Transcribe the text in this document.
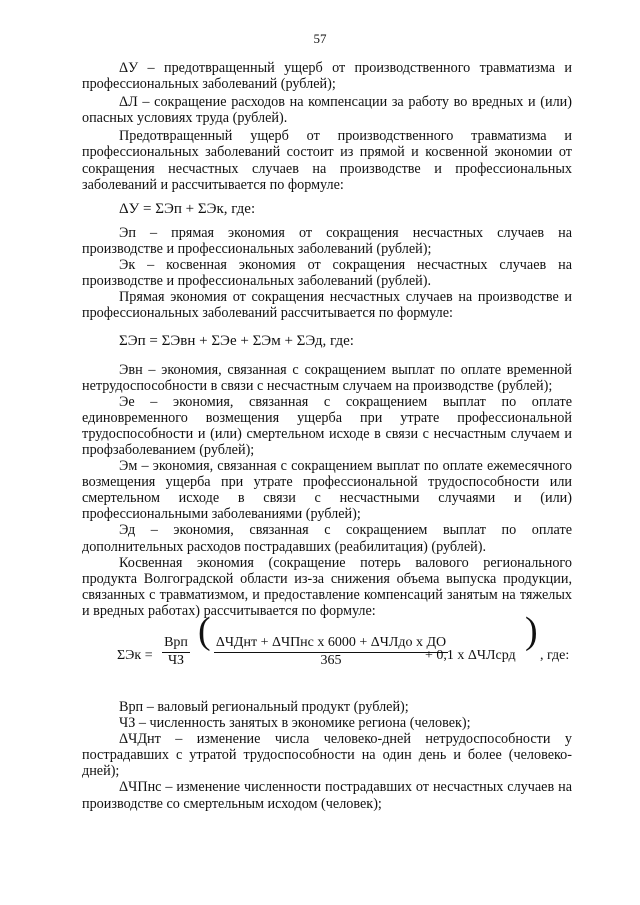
57

ΔУ – предотвращенный ущерб от производственного травматизма и профессиональных заболеваний (рублей);

ΔЛ – сокращение расходов на компенсации за работу во вредных и (или) опасных условиях труда (рублей).

Предотвращенный ущерб от производственного травматизма и профессиональных заболеваний состоит из прямой и косвенной экономии от сокращения несчастных случаев на производстве и профессиональных заболеваний и рассчитывается по формуле:

ΔУ = ΣЭп + ΣЭк, где:

Эп – прямая экономия от сокращения несчастных случаев на производстве и профессиональных заболеваний (рублей);

Эк – косвенная экономия от сокращения несчастных случаев на производстве и профессиональных заболеваний (рублей).

Прямая экономия от сокращения несчастных случаев на производстве и профессиональных заболеваний рассчитывается по формуле:

ΣЭп = ΣЭвн + ΣЭе + ΣЭм + ΣЭд, где:

Эвн – экономия, связанная с сокращением выплат по оплате временной нетрудоспособности в связи с несчастным случаем на производстве (рублей);

Эе – экономия, связанная с сокращением выплат по оплате единовременного возмещения ущерба при утрате профессиональной трудоспособности и (или) смертельном исходе в связи с несчастным случаем и профзаболеванием (рублей);

Эм – экономия, связанная с сокращением выплат по оплате ежемесячного возмещения ущерба при утрате профессиональной трудоспособности или смертельном исходе в связи с несчастными случаями и (или) профессиональными заболеваниями (рублей);

Эд – экономия, связанная с сокращением выплат по оплате дополнительных расходов пострадавших (реабилитация) (рублей).

Косвенная экономия (сокращение потерь валового регионального продукта Волгоградской области из-за снижения объема выпуска продукции, связанных с травматизмом, и предоставление компенсаций занятым на тяжелых и вредных работах) рассчитывается по формуле:

ΣЭк =
Врп
ЧЗ
( ΔЧДнт + ΔЧПнс х 6000 + ΔЧЛдо х ДО
365	+ 0,1 х ΔЧЛсрд
)
, где:

Врп – валовый региональный продукт (рублей);

ЧЗ – численность занятых в экономике региона (человек);

ΔЧДнт – изменение числа человеко-дней нетрудоспособности у пострадавших с утратой трудоспособности на один день и более (человеко-дней);

ΔЧПнс – изменение численности пострадавших от несчастных случаев на производстве со смертельным исходом (человек);
